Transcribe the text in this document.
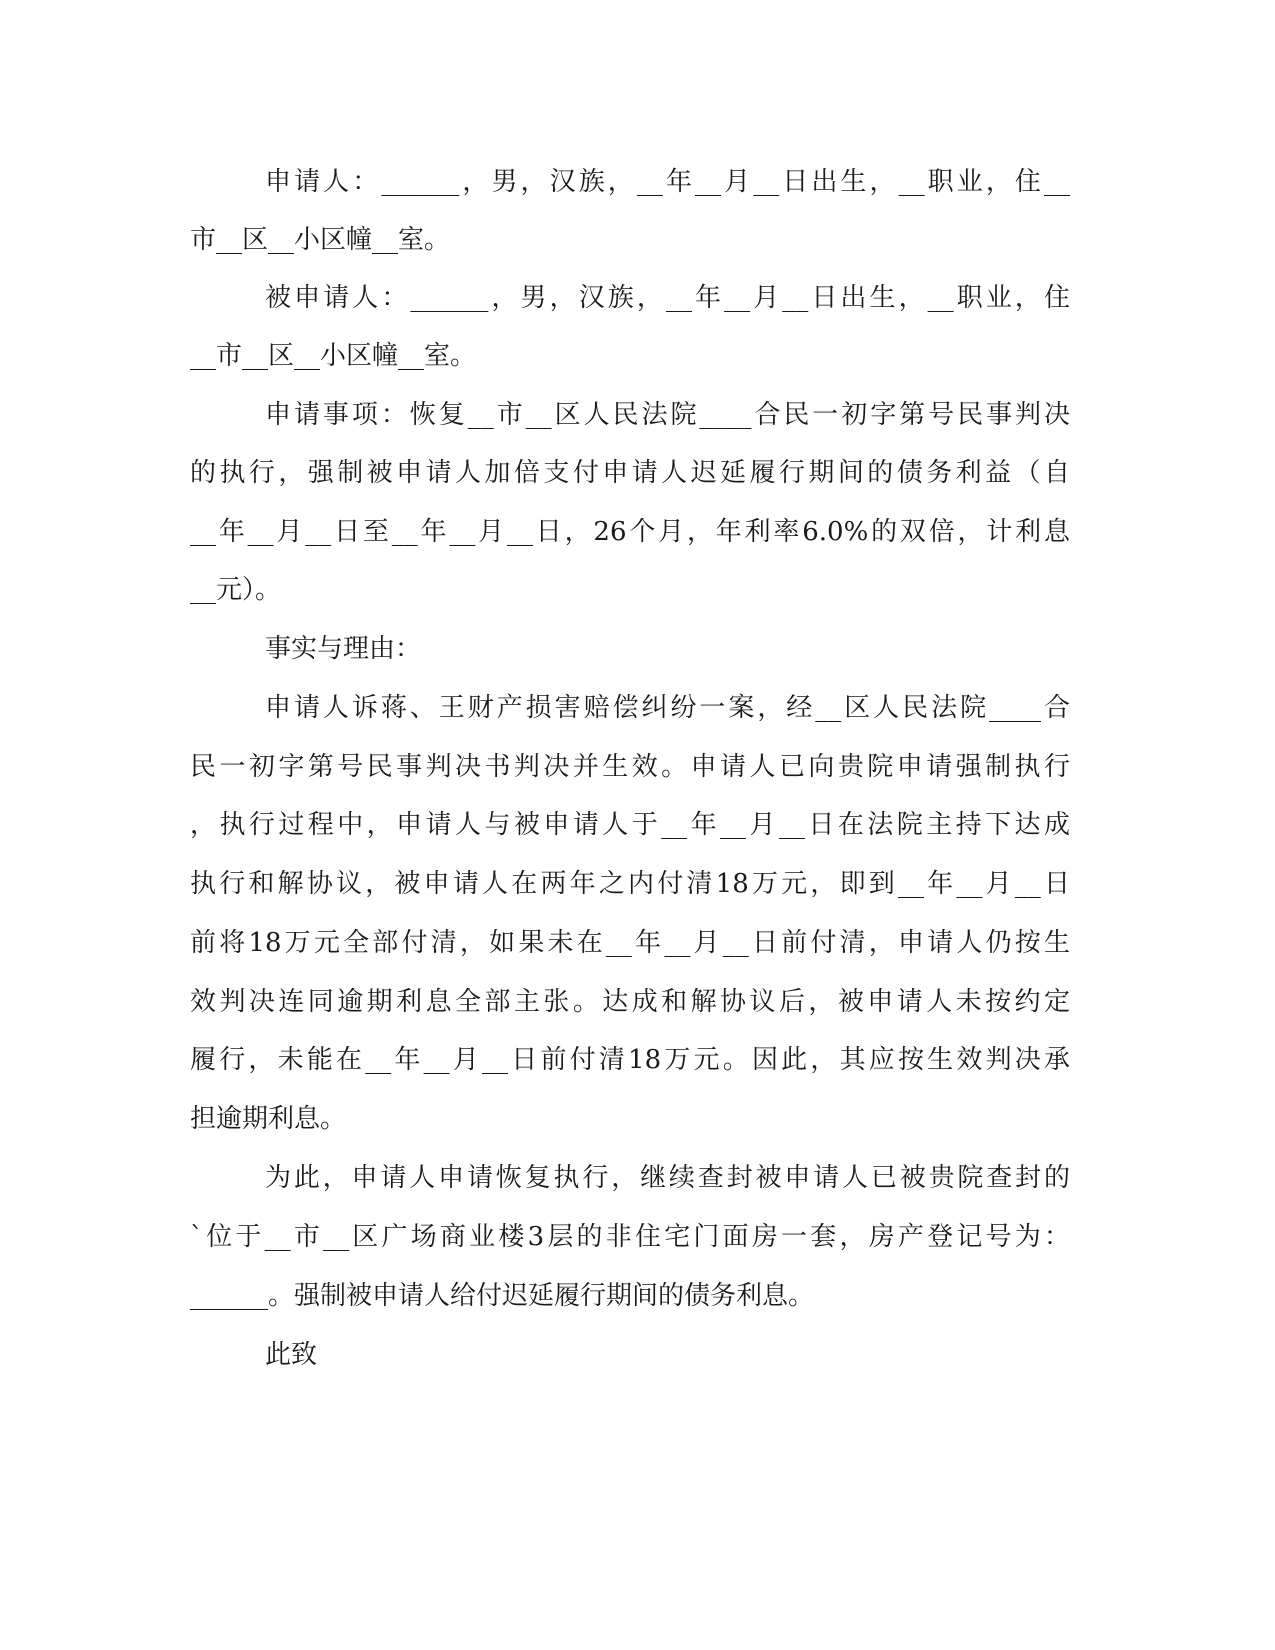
申请人：______，男，汉族，__年__月__日出生，__职业，住__
市__区__小区幢__室。
被申请人：______，男，汉族，__年__月__日出生，__职业，住
__市__区__小区幢__室。
申请事项：恢复__市__区人民法院____合民一初字第号民事判决
的执行，强制被申请人加倍支付申请人迟延履行期间的债务利益（自
__年__月__日至__年__月__日，26个月，年利率6.0%的双倍，计利息
__元）。
事实与理由：
申请人诉蒋、王财产损害赔偿纠纷一案，经__区人民法院____合
民一初字第号民事判决书判决并生效。申请人已向贵院申请强制执行
，执行过程中，申请人与被申请人于__年__月__日在法院主持下达成
执行和解协议，被申请人在两年之内付清18万元，即到__年__月__日
前将18万元全部付清，如果未在__年__月__日前付清，申请人仍按生
效判决连同逾期利息全部主张。达成和解协议后，被申请人未按约定
履行，未能在__年__月__日前付清18万元。因此，其应按生效判决承
担逾期利息。
为此，申请人申请恢复执行，继续查封被申请人已被贵院查封的
`位于__市__区广场商业楼3层的非住宅门面房一套，房产登记号为：
______。强制被申请人给付迟延履行期间的债务利息。
此致
